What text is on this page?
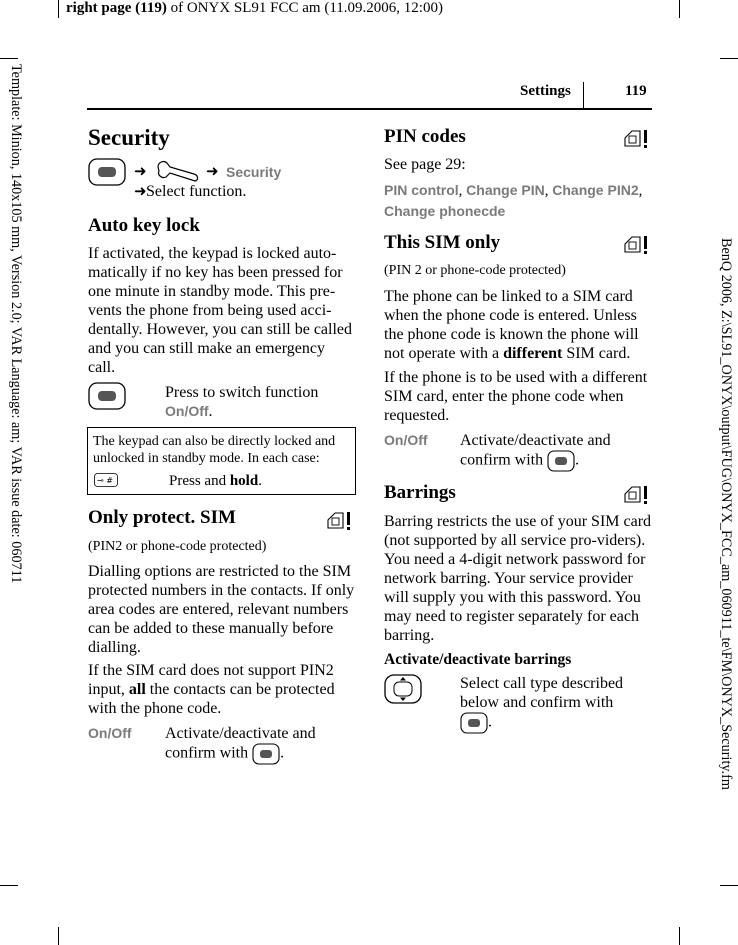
right page (119) of ONYX SL91 FCC am (11.09.2006, 12:00)
Template: Minion, 140x105 mm, Version 2.0; VAR Language: am; VAR issue date: 060711	BenQ 2006, Z:\SL91_ONYX\output\FUG\ONYX_FCC_am_060911_te\FM\ONYX_Security.fm
Settings	119
Security
➜	➜ Security
➜ Select function.
Auto key lock
If activated, the keypad is locked auto-matically if no key has been pressed for one minute in standby mode. This pre-vents the phone from being used acci-dentally. However, you can still be called and you can still make an emergency call.
Press to switch function
On/Off.
The keypad can also be directly locked and unlocked in standby mode. In each case:
⊸ #	Press and hold.
Only protect. SIM
(PIN2 or phone-code protected)
Dialling options are restricted to the SIM protected numbers in the contacts. If only area codes are entered, relevant numbers can be added to these manually before dialling.
If the SIM card does not support PIN2 input, all the contacts can be protected with the phone code.
On/Off Activate/deactivate and confirm with .
PIN codes
See page 29:
PIN control, Change PIN, Change PIN2,
Change phonecde
This SIM only
(PIN 2 or phone-code protected)
The phone can be linked to a SIM card when the phone code is entered. Unless the phone code is known the phone will not operate with a different SIM card.
If the phone is to be used with a different SIM card, enter the phone code when requested.
On/Off Activate/deactivate and confirm with .
Barrings
Barring restricts the use of your SIM card (not supported by all service pro-viders). You need a 4-digit network password for network barring. Your service provider will supply you with this password. You may need to register separately for each barring.
Activate/deactivate barrings
Select call type described below and confirm with .
